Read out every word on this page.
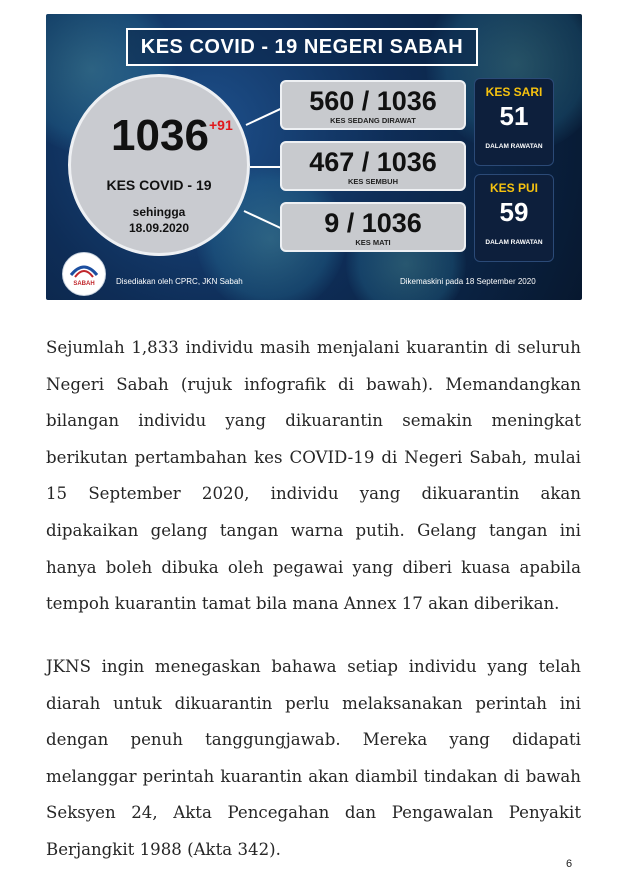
KES COVID - 19 NEGERI SABAH
1036 +91
KES COVID - 19
sehingga
18.09.2020
560 / 1036
KES SEDANG DIRAWAT
467 / 1036
KES SEMBUH
9 / 1036
KES MATI
KES SARI
51
DALAM RAWATAN
KES PUI
59
DALAM RAWATAN
SABAH	Disediakan oleh CPRC, JKN Sabah	Dikemaskini pada 18 September 2020

Sejumlah 1,833 individu masih menjalani kuarantin di seluruh Negeri Sabah (rujuk infografik di bawah). Memandangkan bilangan individu yang dikuarantin semakin meningkat berikutan pertambahan kes COVID-19 di Negeri Sabah, mulai 15 September 2020, individu yang dikuarantin akan dipakaikan gelang tangan warna putih. Gelang tangan ini hanya boleh dibuka oleh pegawai yang diberi kuasa apabila tempoh kuarantin tamat bila mana Annex 17 akan diberikan.

JKNS ingin menegaskan bahawa setiap individu yang telah diarah untuk dikuarantin perlu melaksanakan perintah ini dengan penuh tanggungjawab. Mereka yang didapati melanggar perintah kuarantin akan diambil tindakan di bawah Seksyen 24, Akta Pencegahan dan Pengawalan Penyakit Berjangkit 1988 (Akta 342).

6
